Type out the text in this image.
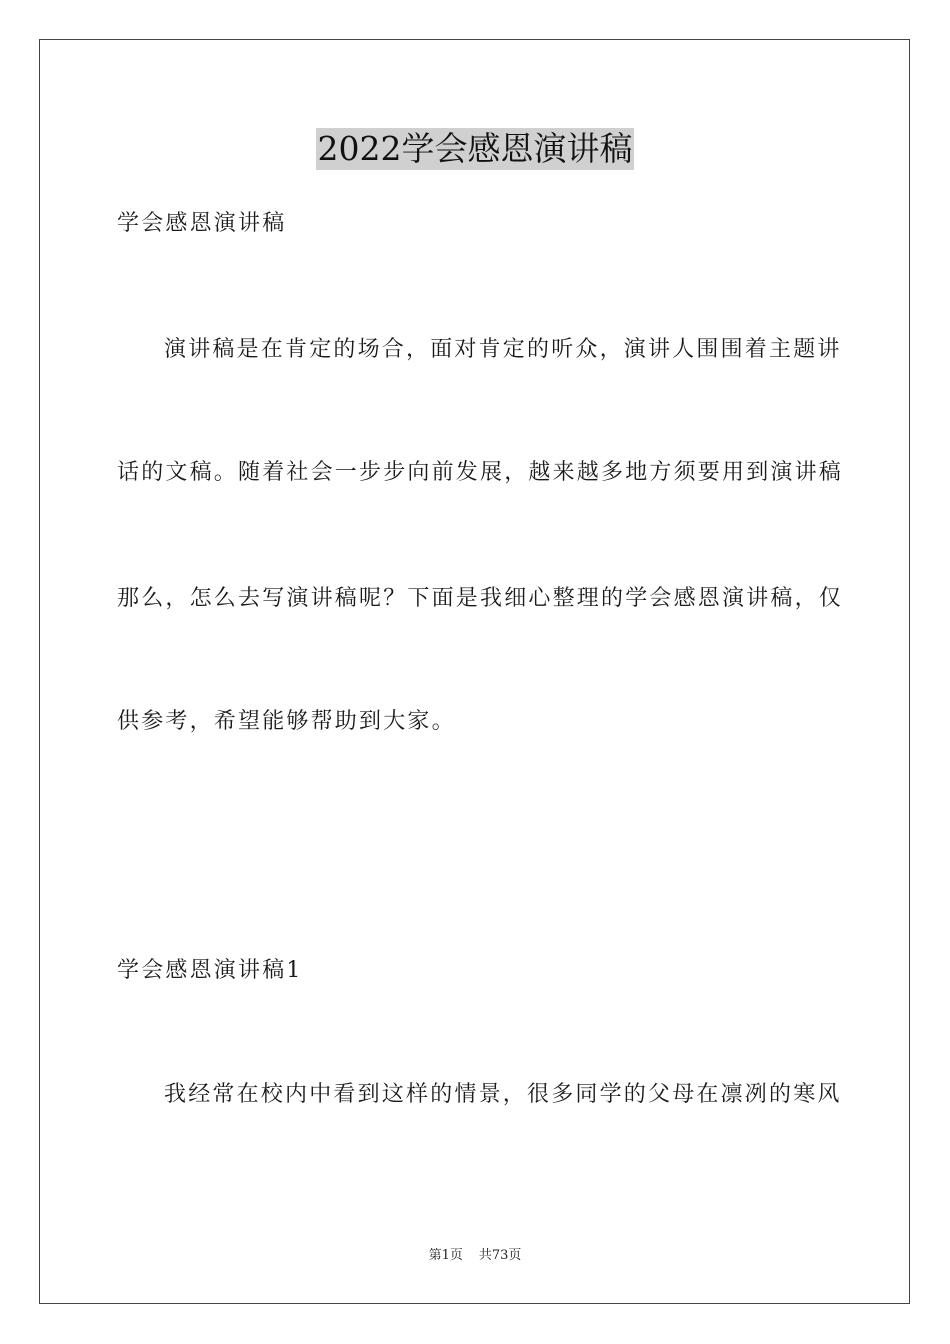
2022学会感恩演讲稿
学会感恩演讲稿
演讲稿是在肯定的场合，面对肯定的听众，演讲人围围着主题讲
话的文稿。随着社会一步步向前发展，越来越多地方须要用到演讲稿
那么，怎么去写演讲稿呢？下面是我细心整理的学会感恩演讲稿，仅
供参考，希望能够帮助到大家。
学会感恩演讲稿1
我经常在校内中看到这样的情景，很多同学的父母在凛冽的寒风
第1页 共73页
